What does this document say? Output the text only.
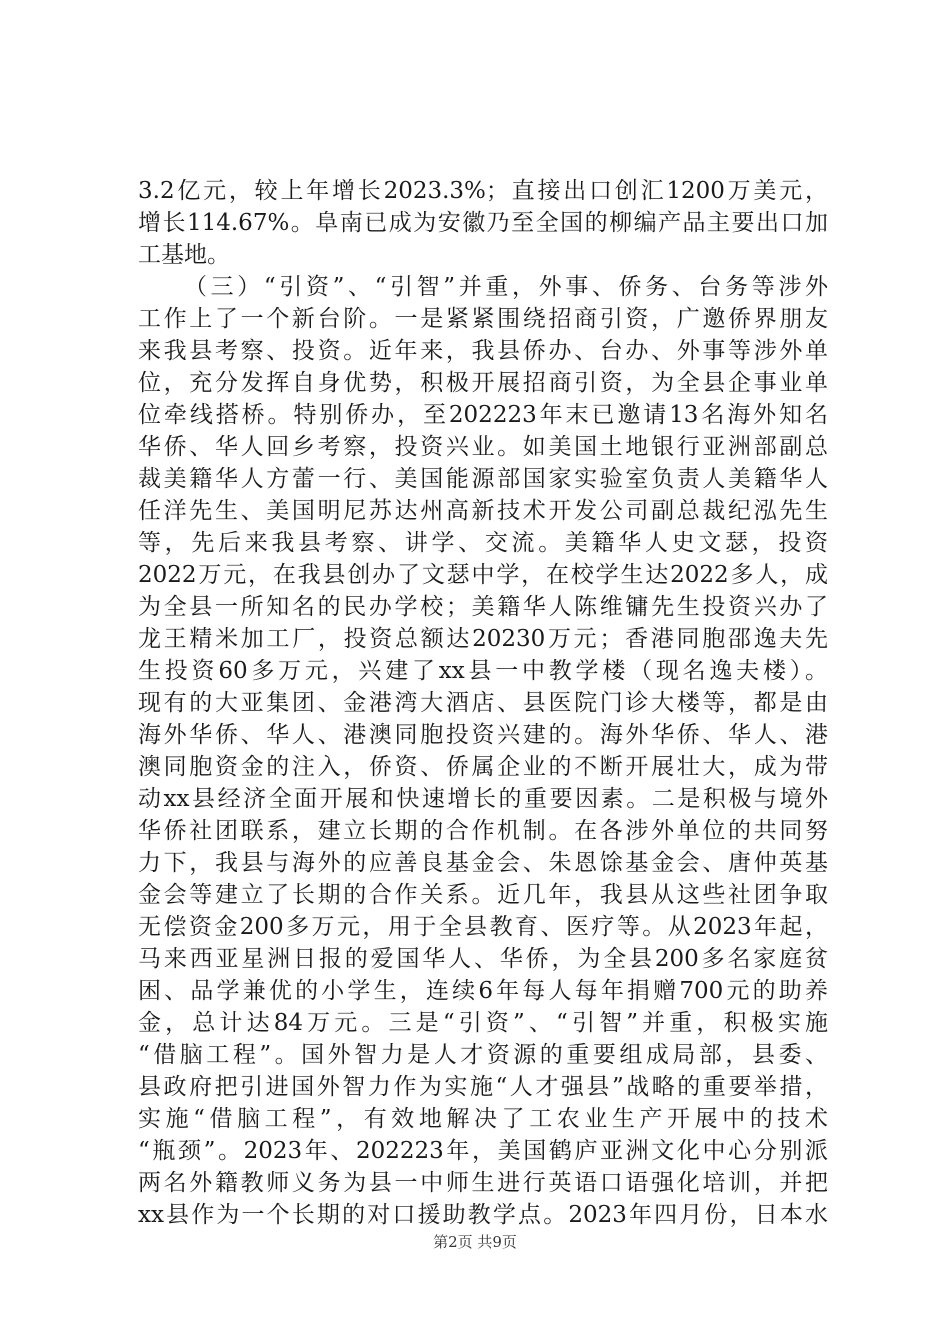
3.2亿元，较上年增长2023.3%；直接出口创汇1200万美元，
增长114.67%。阜南已成为安徽乃至全国的柳编产品主要出口加
工基地。
（三）“引资”、“引智”并重，外事、侨务、台务等涉外
工作上了一个新台阶。一是紧紧围绕招商引资，广邀侨界朋友
来我县考察、投资。近年来，我县侨办、台办、外事等涉外单
位，充分发挥自身优势，积极开展招商引资，为全县企事业单
位牵线搭桥。特别侨办，至202223年末已邀请13名海外知名
华侨、华人回乡考察，投资兴业。如美国土地银行亚洲部副总
裁美籍华人方蕾一行、美国能源部国家实验室负责人美籍华人
任洋先生、美国明尼苏达州高新技术开发公司副总裁纪泓先生
等，先后来我县考察、讲学、交流。美籍华人史文瑟，投资
2022万元，在我县创办了文瑟中学，在校学生达2022多人，成
为全县一所知名的民办学校；美籍华人陈维镛先生投资兴办了
龙王精米加工厂，投资总额达20230万元；香港同胞邵逸夫先
生投资60多万元，兴建了xx县一中教学楼（现名逸夫楼）。
现有的大亚集团、金港湾大酒店、县医院门诊大楼等，都是由
海外华侨、华人、港澳同胞投资兴建的。海外华侨、华人、港
澳同胞资金的注入，侨资、侨属企业的不断开展壮大，成为带
动xx县经济全面开展和快速增长的重要因素。二是积极与境外
华侨社团联系，建立长期的合作机制。在各涉外单位的共同努
力下，我县与海外的应善良基金会、朱恩馀基金会、唐仲英基
金会等建立了长期的合作关系。近几年，我县从这些社团争取
无偿资金200多万元，用于全县教育、医疗等。从2023年起，
马来西亚星洲日报的爱国华人、华侨，为全县200多名家庭贫
困、品学兼优的小学生，连续6年每人每年捐赠700元的助养
金，总计达84万元。三是“引资”、“引智”并重，积极实施
“借脑工程”。国外智力是人才资源的重要组成局部，县委、
县政府把引进国外智力作为实施“人才强县”战略的重要举措，
实施“借脑工程”，有效地解决了工农业生产开展中的技术
“瓶颈”。2023年、202223年，美国鹤庐亚洲文化中心分别派
两名外籍教师义务为县一中师生进行英语口语强化培训，并把
xx县作为一个长期的对口援助教学点。2023年四月份，日本水
第2页 共9页
